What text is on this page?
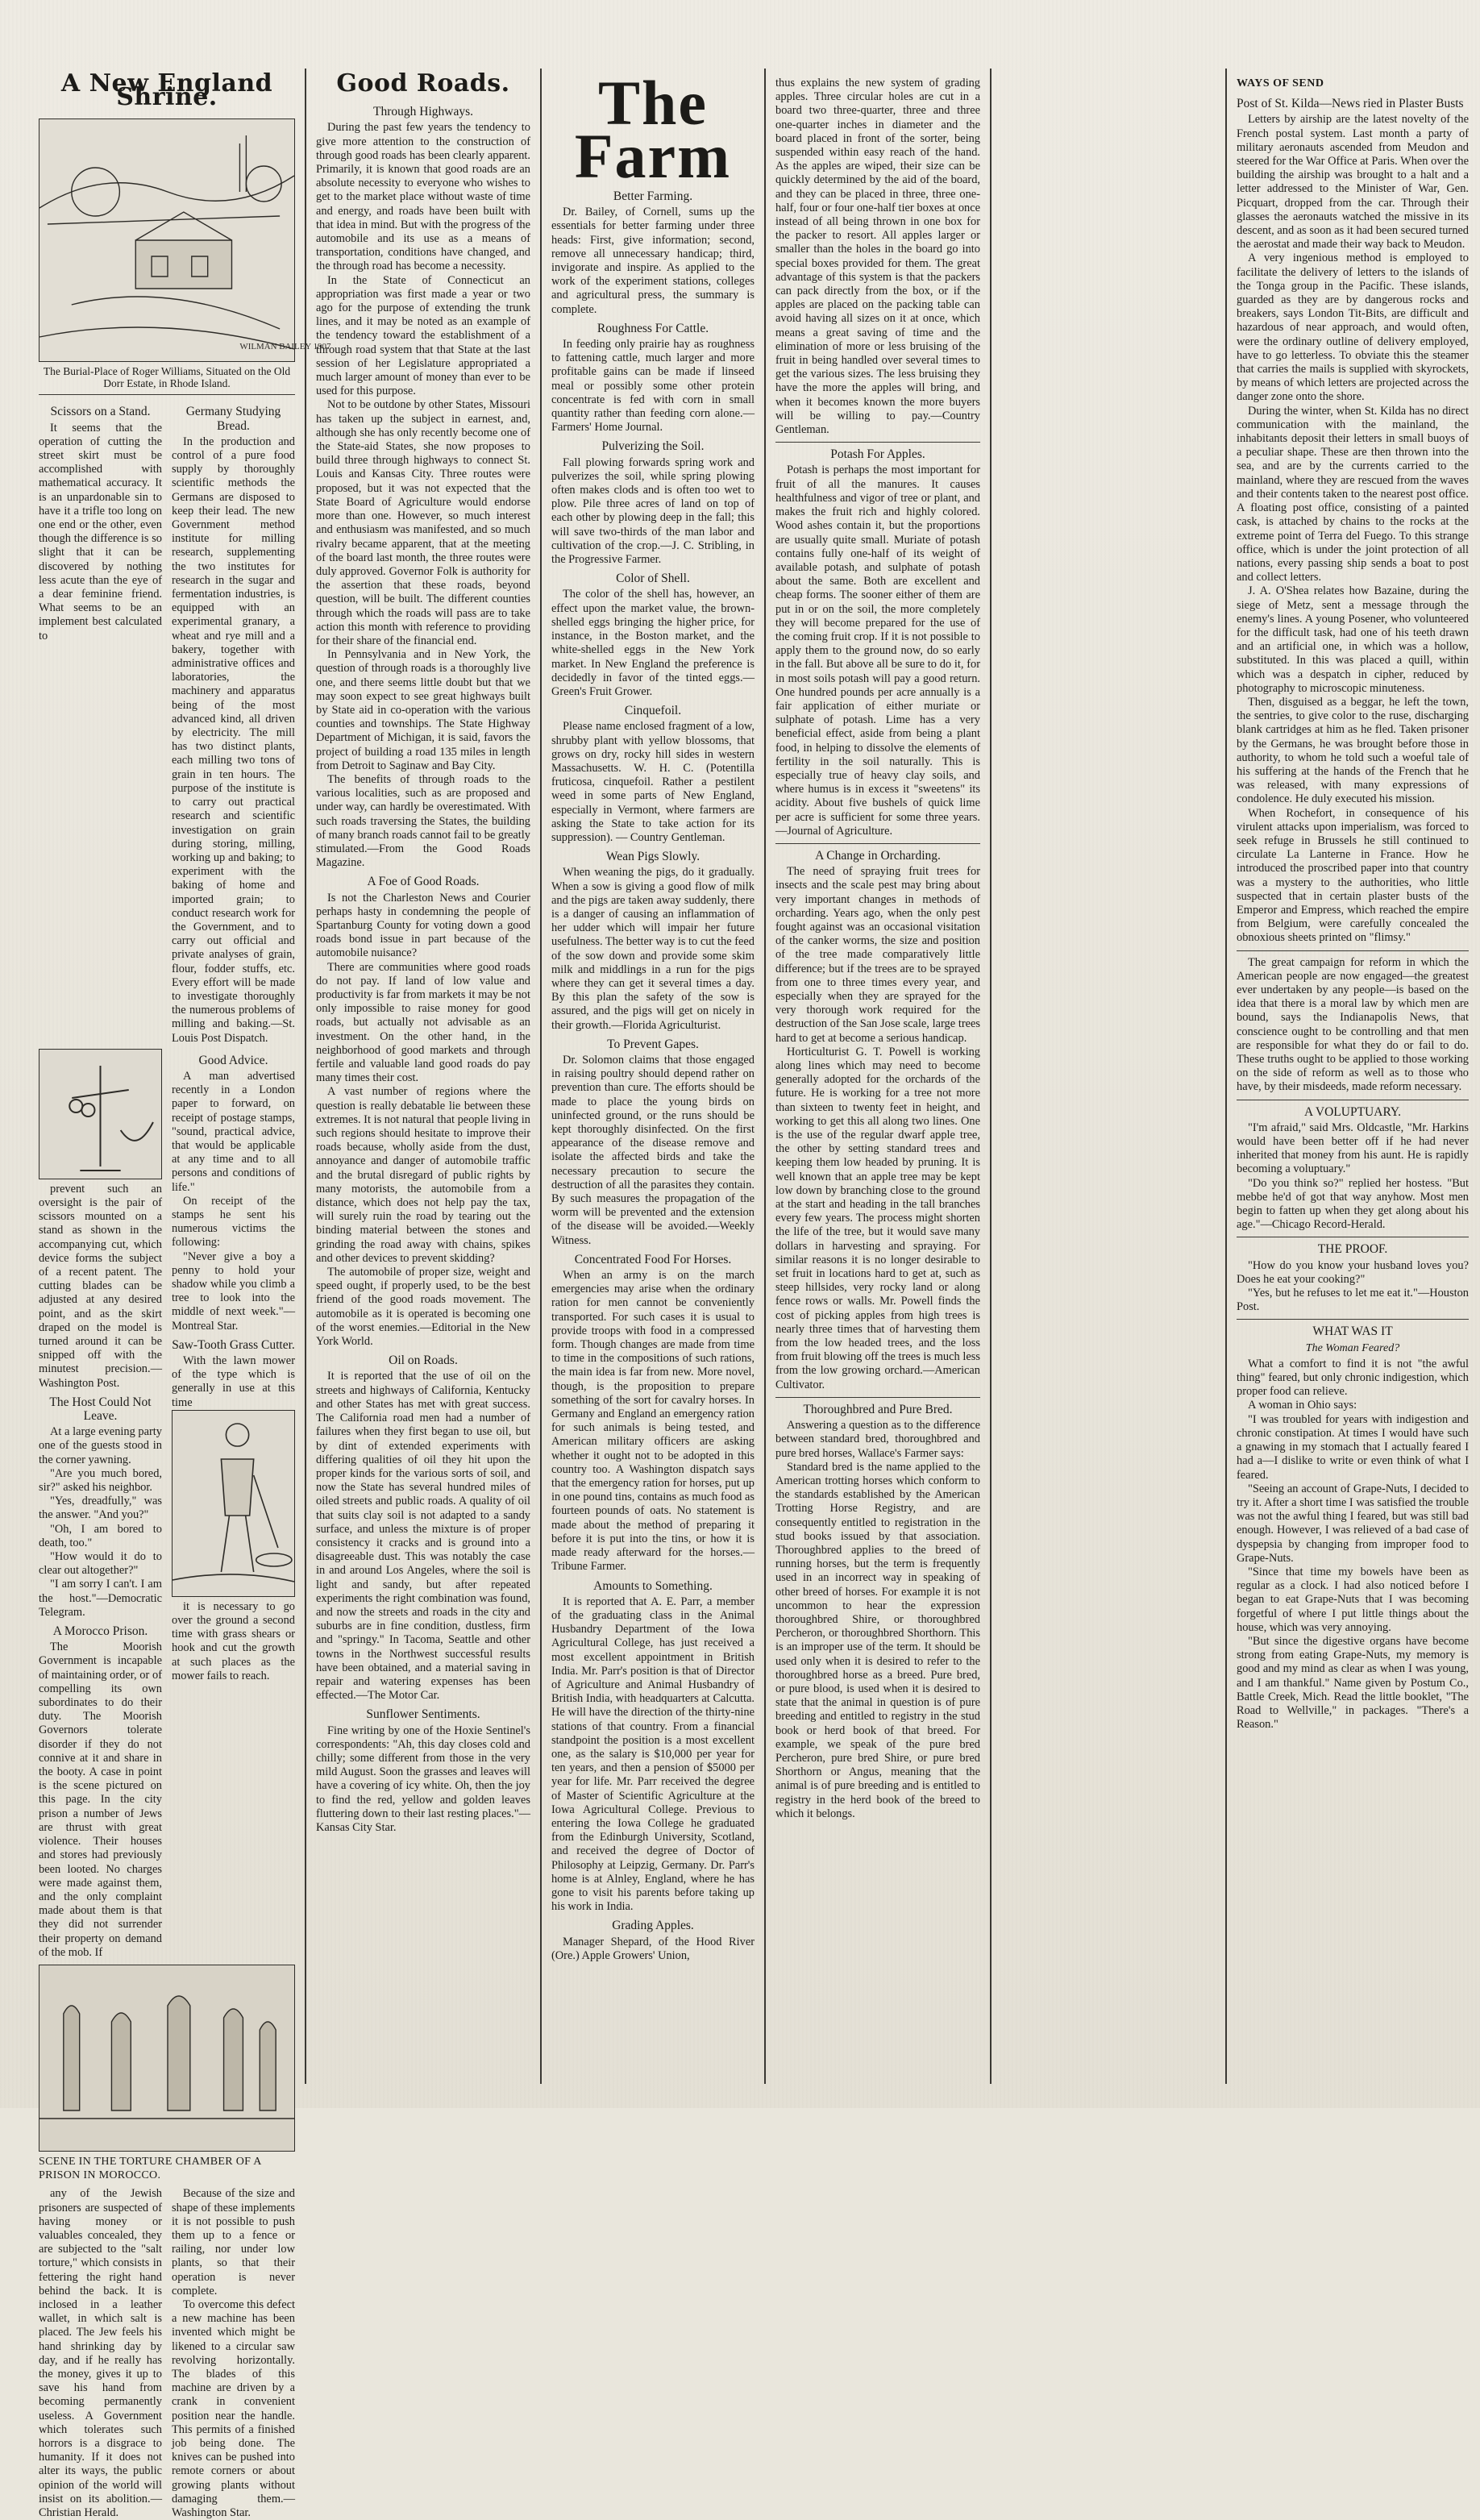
A New England Shrine.
WILMAN BAILEY 1907
The Burial-Place of Roger Williams, Situated on the Old Dorr Estate, in Rhode Island.
Scissors on a Stand.

It seems that the operation of cutting the street skirt must be accomplished with mathematical accuracy. It is an unpardonable sin to have it a trifle too long on one end or the other, even though the difference is so slight that it can be discovered by nothing less acute than the eye of a dear feminine friend. What seems to be an implement best calculated to

Germany Studying Bread.

In the production and control of a pure food supply by thoroughly scientific methods the Germans are disposed to keep their lead. The new Government method institute for milling research, supplementing the two institutes for research in the sugar and fermentation industries, is equipped with an experimental granary, a wheat and rye mill and a bakery, together with administrative offices and laboratories, the machinery and apparatus being of the most advanced kind, all driven by electricity. The mill has two distinct plants, each milling two tons of grain in ten hours. The purpose of the institute is to carry out practical research and scientific investigation on grain during storing, milling, working up and baking; to experiment with the baking of home and imported grain; to conduct research work for the Government, and to carry out official and private analyses of grain, flour, fodder stuffs, etc. Every effort will be made to investigate thoroughly the numerous problems of milling and baking.—St. Louis Post Dispatch.

prevent such an oversight is the pair of scissors mounted on a stand as shown in the accompanying cut, which device forms the subject of a recent patent. The cutting blades can be adjusted at any desired point, and as the skirt draped on the model is turned around it can be snipped off with the minutest precision.—Washington Post.

The Host Could Not Leave.

At a large evening party one of the guests stood in the corner yawning.

"Are you much bored, sir?" asked his neighbor.

"Yes, dreadfully," was the answer. "And you?"

"Oh, I am bored to death, too."

"How would it do to clear out altogether?"

"I am sorry I can't. I am the host."—Democratic Telegram.

A Morocco Prison.

The Moorish Government is incapable of maintaining order, or of compelling its own subordinates to do their duty. The Moorish Governors tolerate disorder if they do not connive at it and share in the booty. A case in point is the scene pictured on this page. In the city prison a number of Jews are thrust with great violence. Their houses and stores had previously been looted. No charges were made against them, and the only complaint made about them is that they did not surrender their property on demand of the mob. If

Good Advice.

A man advertised recently in a London paper to forward, on receipt of postage stamps, "sound, practical advice, that would be applicable at any time and to all persons and conditions of life."

On receipt of the stamps he sent his numerous victims the following:

"Never give a boy a penny to hold your shadow while you climb a tree to look into the middle of next week."—Montreal Star.

Saw-Tooth Grass Cutter.

With the lawn mower of the type which is generally in use at this time

it is necessary to go over the ground a second time with grass shears or hook and cut the growth at such places as the mower fails to reach.

SCENE IN THE TORTURE CHAMBER OF A PRISON IN MOROCCO.

any of the Jewish prisoners are suspected of having money or valuables concealed, they are subjected to the "salt torture," which consists in fettering the right hand behind the back. It is inclosed in a leather wallet, in which salt is placed. The Jew feels his hand shrinking day by day, and if he really has the money, gives it up to save his hand from becoming permanently useless. A Government which tolerates such horrors is a disgrace to humanity. If it does not alter its ways, the public opinion of the world will insist on its abolition.—Christian Herald.

Because of the size and shape of these implements it is not possible to push them up to a fence or railing, nor under low plants, so that their operation is never complete.

To overcome this defect a new machine has been invented which might be likened to a circular saw revolving horizontally. The blades of this machine are driven by a crank in convenient position near the handle. This permits of a finished job being done. The knives can be pushed into remote corners or about growing plants without damaging them.—Washington Star.

Good Roads.
Through Highways.

During the past few years the tendency to give more attention to the construction of through good roads has been clearly apparent. Primarily, it is known that good roads are an absolute necessity to everyone who wishes to get to the market place without waste of time and energy, and roads have been built with that idea in mind. But with the progress of the automobile and its use as a means of transportation, conditions have changed, and the through road has become a necessity.

In the State of Connecticut an appropriation was first made a year or two ago for the purpose of extending the trunk lines, and it may be noted as an example of the tendency toward the establishment of a through road system that that State at the last session of her Legislature appropriated a much larger amount of money than ever to be used for this purpose.

Not to be outdone by other States, Missouri has taken up the subject in earnest, and, although she has only recently become one of the State-aid States, she now proposes to build three through highways to connect St. Louis and Kansas City. Three routes were proposed, but it was not expected that the State Board of Agriculture would endorse more than one. However, so much interest and enthusiasm was manifested, and so much rivalry became apparent, that at the meeting of the board last month, the three routes were duly approved. Governor Folk is authority for the assertion that these roads, beyond question, will be built. The different counties through which the roads will pass are to take action this month with reference to providing for their share of the financial end.

In Pennsylvania and in New York, the question of through roads is a thoroughly live one, and there seems little doubt but that we may soon expect to see great highways built by State aid in co-operation with the various counties and townships. The State Highway Department of Michigan, it is said, favors the project of building a road 135 miles in length from Detroit to Saginaw and Bay City.

The benefits of through roads to the various localities, such as are proposed and under way, can hardly be overestimated. With such roads traversing the States, the building of many branch roads cannot fail to be greatly stimulated.—From the Good Roads Magazine.

A Foe of Good Roads.

Is not the Charleston News and Courier perhaps hasty in condemning the people of Spartanburg County for voting down a good roads bond issue in part because of the automobile nuisance?

There are communities where good roads do not pay. If land of low value and productivity is far from markets it may be not only impossible to raise money for good roads, but actually not advisable as an investment. On the other hand, in the neighborhood of good markets and through fertile and valuable land good roads do pay many times their cost.

A vast number of regions where the question is really debatable lie between these extremes. It is not natural that people living in such regions should hesitate to improve their roads because, wholly aside from the dust, annoyance and danger of automobile traffic and the brutal disregard of public rights by many motorists, the automobile from a distance, which does not help pay the tax, will surely ruin the road by tearing out the binding material between the stones and grinding the road away with chains, spikes and other devices to prevent skidding?

The automobile of proper size, weight and speed ought, if properly used, to be the best friend of the good roads movement. The automobile as it is operated is becoming one of the worst enemies.—Editorial in the New York World.

Oil on Roads.

It is reported that the use of oil on the streets and highways of California, Kentucky and other States has met with great success. The California road men had a number of failures when they first began to use oil, but by dint of extended experiments with differing qualities of oil they hit upon the proper kinds for the various sorts of soil, and now the State has several hundred miles of oiled streets and public roads. A quality of oil that suits clay soil is not adapted to a sandy surface, and unless the mixture is of proper consistency it cracks and is ground into a disagreeable dust. This was notably the case in and around Los Angeles, where the soil is light and sandy, but after repeated experiments the right combination was found, and now the streets and roads in the city and suburbs are in fine condition, dustless, firm and "springy." In Tacoma, Seattle and other towns in the Northwest successful results have been obtained, and a material saving in repair and watering expenses has been effected.—The Motor Car.

Sunflower Sentiments.

Fine writing by one of the Hoxie Sentinel's correspondents: "Ah, this day closes cold and chilly; some different from those in the very mild August. Soon the grasses and leaves will have a covering of icy white. Oh, then the joy to find the red, yellow and golden leaves fluttering down to their last resting places."—Kansas City Star.

The Farm
Better Farming.

Dr. Bailey, of Cornell, sums up the essentials for better farming under three heads: First, give information; second, remove all unnecessary handicap; third, invigorate and inspire. As applied to the work of the experiment stations, colleges and agricultural press, the summary is complete.

Roughness For Cattle.

In feeding only prairie hay as roughness to fattening cattle, much larger and more profitable gains can be made if linseed meal or possibly some other protein concentrate is fed with corn in small quantity rather than feeding corn alone.—Farmers' Home Journal.

Pulverizing the Soil.

Fall plowing forwards spring work and pulverizes the soil, while spring plowing often makes clods and is often too wet to plow. Pile three acres of land on top of each other by plowing deep in the fall; this will save two-thirds of the man labor and cultivation of the crop.—J. C. Stribling, in the Progressive Farmer.

Color of Shell.

The color of the shell has, however, an effect upon the market value, the brown-shelled eggs bringing the higher price, for instance, in the Boston market, and the white-shelled eggs in the New York market. In New England the preference is decidedly in favor of the tinted eggs.—Green's Fruit Grower.

Cinquefoil.

Please name enclosed fragment of a low, shrubby plant with yellow blossoms, that grows on dry, rocky hill sides in western Massachusetts. W. H. C. (Potentilla fruticosa, cinquefoil. Rather a pestilent weed in some parts of New England, especially in Vermont, where farmers are asking the State to take action for its suppression). — Country Gentleman.

Wean Pigs Slowly.

When weaning the pigs, do it gradually. When a sow is giving a good flow of milk and the pigs are taken away suddenly, there is a danger of causing an inflammation of her udder which will impair her future usefulness. The better way is to cut the feed of the sow down and provide some skim milk and middlings in a run for the pigs where they can get it several times a day. By this plan the safety of the sow is assured, and the pigs will get on nicely in their growth.—Florida Agriculturist.

To Prevent Gapes.

Dr. Solomon claims that those engaged in raising poultry should depend rather on prevention than cure. The efforts should be made to place the young birds on uninfected ground, or the runs should be kept thoroughly disinfected. On the first appearance of the disease remove and isolate the affected birds and take the necessary precaution to secure the destruction of all the parasites they contain. By such measures the propagation of the worm will be prevented and the extension of the disease will be avoided.—Weekly Witness.

Concentrated Food For Horses.

When an army is on the march emergencies may arise when the ordinary ration for men cannot be conveniently transported. For such cases it is usual to provide troops with food in a compressed form. Though changes are made from time to time in the compositions of such rations, the main idea is far from new. More novel, though, is the proposition to prepare something of the sort for cavalry horses. In Germany and England an emergency ration for such animals is being tested, and American military officers are asking whether it ought not to be adopted in this country too. A Washington dispatch says that the emergency ration for horses, put up in one pound tins, contains as much food as fourteen pounds of oats. No statement is made about the method of preparing it before it is put into the tins, or how it is made ready afterward for the horses.—Tribune Farmer.

Amounts to Something.

It is reported that A. E. Parr, a member of the graduating class in the Animal Husbandry Department of the Iowa Agricultural College, has just received a most excellent appointment in British India. Mr. Parr's position is that of Director of Agriculture and Animal Husbandry of British India, with headquarters at Calcutta. He will have the direction of the thirty-nine stations of that country. From a financial standpoint the position is a most excellent one, as the salary is $10,000 per year for ten years, and then a pension of $5000 per year for life. Mr. Parr received the degree of Master of Scientific Agriculture at the Iowa Agricultural College. Previous to entering the Iowa College he graduated from the Edinburgh University, Scotland, and received the degree of Doctor of Philosophy at Leipzig, Germany. Dr. Parr's home is at Alnley, England, where he has gone to visit his parents before taking up his work in India.

Grading Apples.

Manager Shepard, of the Hood River (Ore.) Apple Growers' Union,

thus explains the new system of grading apples. Three circular holes are cut in a board two three-quarter, three and three one-quarter inches in diameter and the board placed in front of the sorter, being suspended within easy reach of the hand. As the apples are wiped, their size can be quickly determined by the aid of the board, and they can be placed in three, three one-half, four or four one-half tier boxes at once instead of all being thrown in one box for the packer to resort. All apples larger or smaller than the holes in the board go into special boxes provided for them. The great advantage of this system is that the packers can pack directly from the box, or if the apples are placed on the packing table can avoid having all sizes on it at once, which means a great saving of time and the elimination of more or less bruising of the fruit in being handled over several times to get the various sizes. The less bruising they have the more the apples will bring, and when it becomes known the more buyers will be willing to pay.—Country Gentleman.

Potash For Apples.

Potash is perhaps the most important for fruit of all the manures. It causes healthfulness and vigor of tree or plant, and makes the fruit rich and highly colored. Wood ashes contain it, but the proportions are usually quite small. Muriate of potash contains fully one-half of its weight of available potash, and sulphate of potash about the same. Both are excellent and cheap forms. The sooner either of them are put in or on the soil, the more completely they will become prepared for the use of the coming fruit crop. If it is not possible to apply them to the ground now, do so early in the fall. But above all be sure to do it, for in most soils potash will pay a good return. One hundred pounds per acre annually is a fair application of either muriate or sulphate of potash. Lime has a very beneficial effect, aside from being a plant food, in helping to dissolve the elements of fertility in the soil naturally. This is especially true of heavy clay soils, and where humus is in excess it "sweetens" its acidity. About five bushels of quick lime per acre is sufficient for some three years.—Journal of Agriculture.

A Change in Orcharding.

The need of spraying fruit trees for insects and the scale pest may bring about very important changes in methods of orcharding. Years ago, when the only pest fought against was an occasional visitation of the canker worms, the size and position of the tree made comparatively little difference; but if the trees are to be sprayed from one to three times every year, and especially when they are sprayed for the very thorough work required for the destruction of the San Jose scale, large trees hard to get at become a serious handicap.

Horticulturist G. T. Powell is working along lines which may need to become generally adopted for the orchards of the future. He is working for a tree not more than sixteen to twenty feet in height, and working to get this all along two lines. One is the use of the regular dwarf apple tree, the other by setting standard trees and keeping them low headed by pruning. It is well known that an apple tree may be kept low down by branching close to the ground at the start and heading in the tall branches every few years. The process might shorten the life of the tree, but it would save many dollars in harvesting and spraying. For similar reasons it is no longer desirable to set fruit in locations hard to get at, such as steep hillsides, very rocky land or along fence rows or walls. Mr. Powell finds the cost of picking apples from high trees is nearly three times that of harvesting them from the low headed trees, and the loss from fruit blowing off the trees is much less from the low growing orchard.—American Cultivator.

Thoroughbred and Pure Bred.

Answering a question as to the difference between standard bred, thoroughbred and pure bred horses, Wallace's Farmer says:

Standard bred is the name applied to the American trotting horses which conform to the standards established by the American Trotting Horse Registry, and are consequently entitled to registration in the stud books issued by that association. Thoroughbred applies to the breed of running horses, but the term is frequently used in an incorrect way in speaking of other breed of horses. For example it is not uncommon to hear the expression thoroughbred Shire, or thoroughbred Percheron, or thoroughbred Shorthorn. This is an improper use of the term. It should be used only when it is desired to refer to the thoroughbred horse as a breed. Pure bred, or pure blood, is used when it is desired to state that the animal in question is of pure breeding and entitled to registry in the stud book or herd book of that breed. For example, we speak of the pure bred Percheron, pure bred Shire, or pure bred Shorthorn or Angus, meaning that the animal is of pure breeding and is entitled to registry in the herd book of the breed to which it belongs.

WAYS OF SEND
Post of St. Kilda—News ried in Plaster Busts

Letters by airship are the latest novelty of the French postal system. Last month a party of military aeronauts ascended from Meudon and steered for the War Office at Paris. When over the building the airship was brought to a halt and a letter addressed to the Minister of War, Gen. Picquart, dropped from the car. Through their glasses the aeronauts watched the missive in its descent, and as soon as it had been secured turned the aerostat and made their way back to Meudon.

A very ingenious method is employed to facilitate the delivery of letters to the islands of the Tonga group in the Pacific. These islands, guarded as they are by dangerous rocks and breakers, says London Tit-Bits, are difficult and hazardous of near approach, and would often, were the ordinary outline of delivery employed, have to go letterless. To obviate this the steamer that carries the mails is supplied with skyrockets, by means of which letters are projected across the danger zone onto the shore.

During the winter, when St. Kilda has no direct communication with the mainland, the inhabitants deposit their letters in small buoys of a peculiar shape. These are then thrown into the sea, and are by the currents carried to the mainland, where they are rescued from the waves and their contents taken to the nearest post office. A floating post office, consisting of a painted cask, is attached by chains to the rocks at the extreme point of Terra del Fuego. To this strange office, which is under the joint protection of all nations, every passing ship sends a boat to post and collect letters.

J. A. O'Shea relates how Bazaine, during the siege of Metz, sent a message through the enemy's lines. A young Posener, who volunteered for the difficult task, had one of his teeth drawn and an artificial one, in which was a hollow, substituted. In this was placed a quill, within which was a despatch in cipher, reduced by photography to microscopic minuteness.

Then, disguised as a beggar, he left the town, the sentries, to give color to the ruse, discharging blank cartridges at him as he fled. Taken prisoner by the Germans, he was brought before those in authority, to whom he told such a woeful tale of his suffering at the hands of the French that he was released, with many expressions of condolence. He duly executed his mission.

When Rochefort, in consequence of his virulent attacks upon imperialism, was forced to seek refuge in Brussels he still continued to circulate La Lanterne in France. How he introduced the proscribed paper into that country was a mystery to the authorities, who little suspected that in certain plaster busts of the Emperor and Empress, which reached the empire from Belgium, were carefully concealed the obnoxious sheets printed on "flimsy."

The great campaign for reform in which the American people are now engaged—the greatest ever undertaken by any people—is based on the idea that there is a moral law by which men are bound, says the Indianapolis News, that conscience ought to be controlling and that men are responsible for what they do or fail to do. These truths ought to be applied to those working on the side of reform as well as to those who have, by their misdeeds, made reform necessary.

A VOLUPTUARY.

"I'm afraid," said Mrs. Oldcastle, "Mr. Harkins would have been better off if he had never inherited that money from his aunt. He is rapidly becoming a voluptuary."

"Do you think so?" replied her hostess. "But mebbe he'd of got that way anyhow. Most men begin to fatten up when they get along about his age."—Chicago Record-Herald.

THE PROOF.

"How do you know your husband loves you? Does he eat your cooking?"

"Yes, but he refuses to let me eat it."—Houston Post.

WHAT WAS IT
The Woman Feared?

What a comfort to find it is not "the awful thing" feared, but only chronic indigestion, which proper food can relieve.

A woman in Ohio says:

"I was troubled for years with indigestion and chronic constipation. At times I would have such a gnawing in my stomach that I actually feared I had a—I dislike to write or even think of what I feared.

"Seeing an account of Grape-Nuts, I decided to try it. After a short time I was satisfied the trouble was not the awful thing I feared, but was still bad enough. However, I was relieved of a bad case of dyspepsia by changing from improper food to Grape-Nuts.

"Since that time my bowels have been as regular as a clock. I had also noticed before I began to eat Grape-Nuts that I was becoming forgetful of where I put little things about the house, which was very annoying.

"But since the digestive organs have become strong from eating Grape-Nuts, my memory is good and my mind as clear as when I was young, and I am thankful." Name given by Postum Co., Battle Creek, Mich. Read the little booklet, "The Road to Wellville," in packages. "There's a Reason."
